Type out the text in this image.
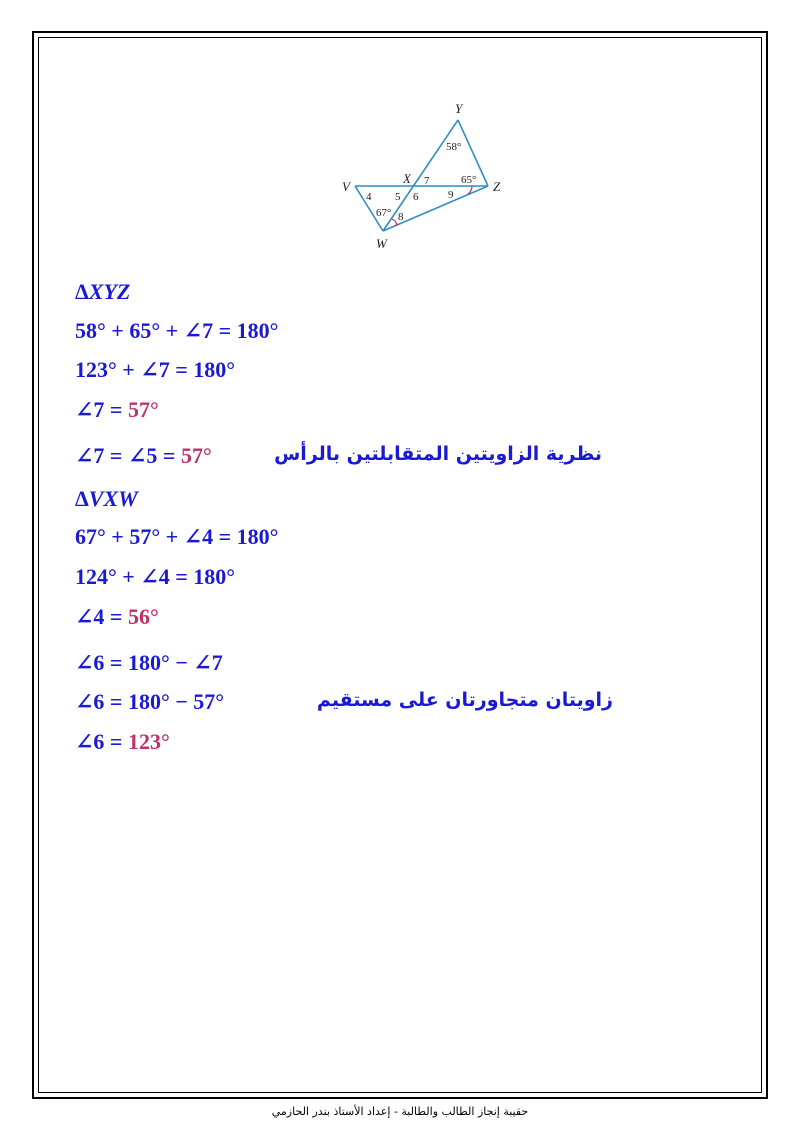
Y
X
V	Z
W
4 5 6
7
8
9
58°
65°
67°
ΔXYZ
58° + 65° + ∠7 = 180°
123° + ∠7 = 180°
∠7 = 57°
∠7 = ∠5 = 57°	نظرية الزاويتين المتقابلتين بالرأس
ΔVXW
67° + 57° + ∠4 = 180°
124° + ∠4 = 180°
∠4 = 56°
∠6 = 180° − ∠7
∠6 = 180° − 57°	زاويتان متجاورتان على مستقيم
∠6 = 123°
حقيبة إنجاز الطالب والطالبة - إعداد الأستاذ بندر الحازمي
